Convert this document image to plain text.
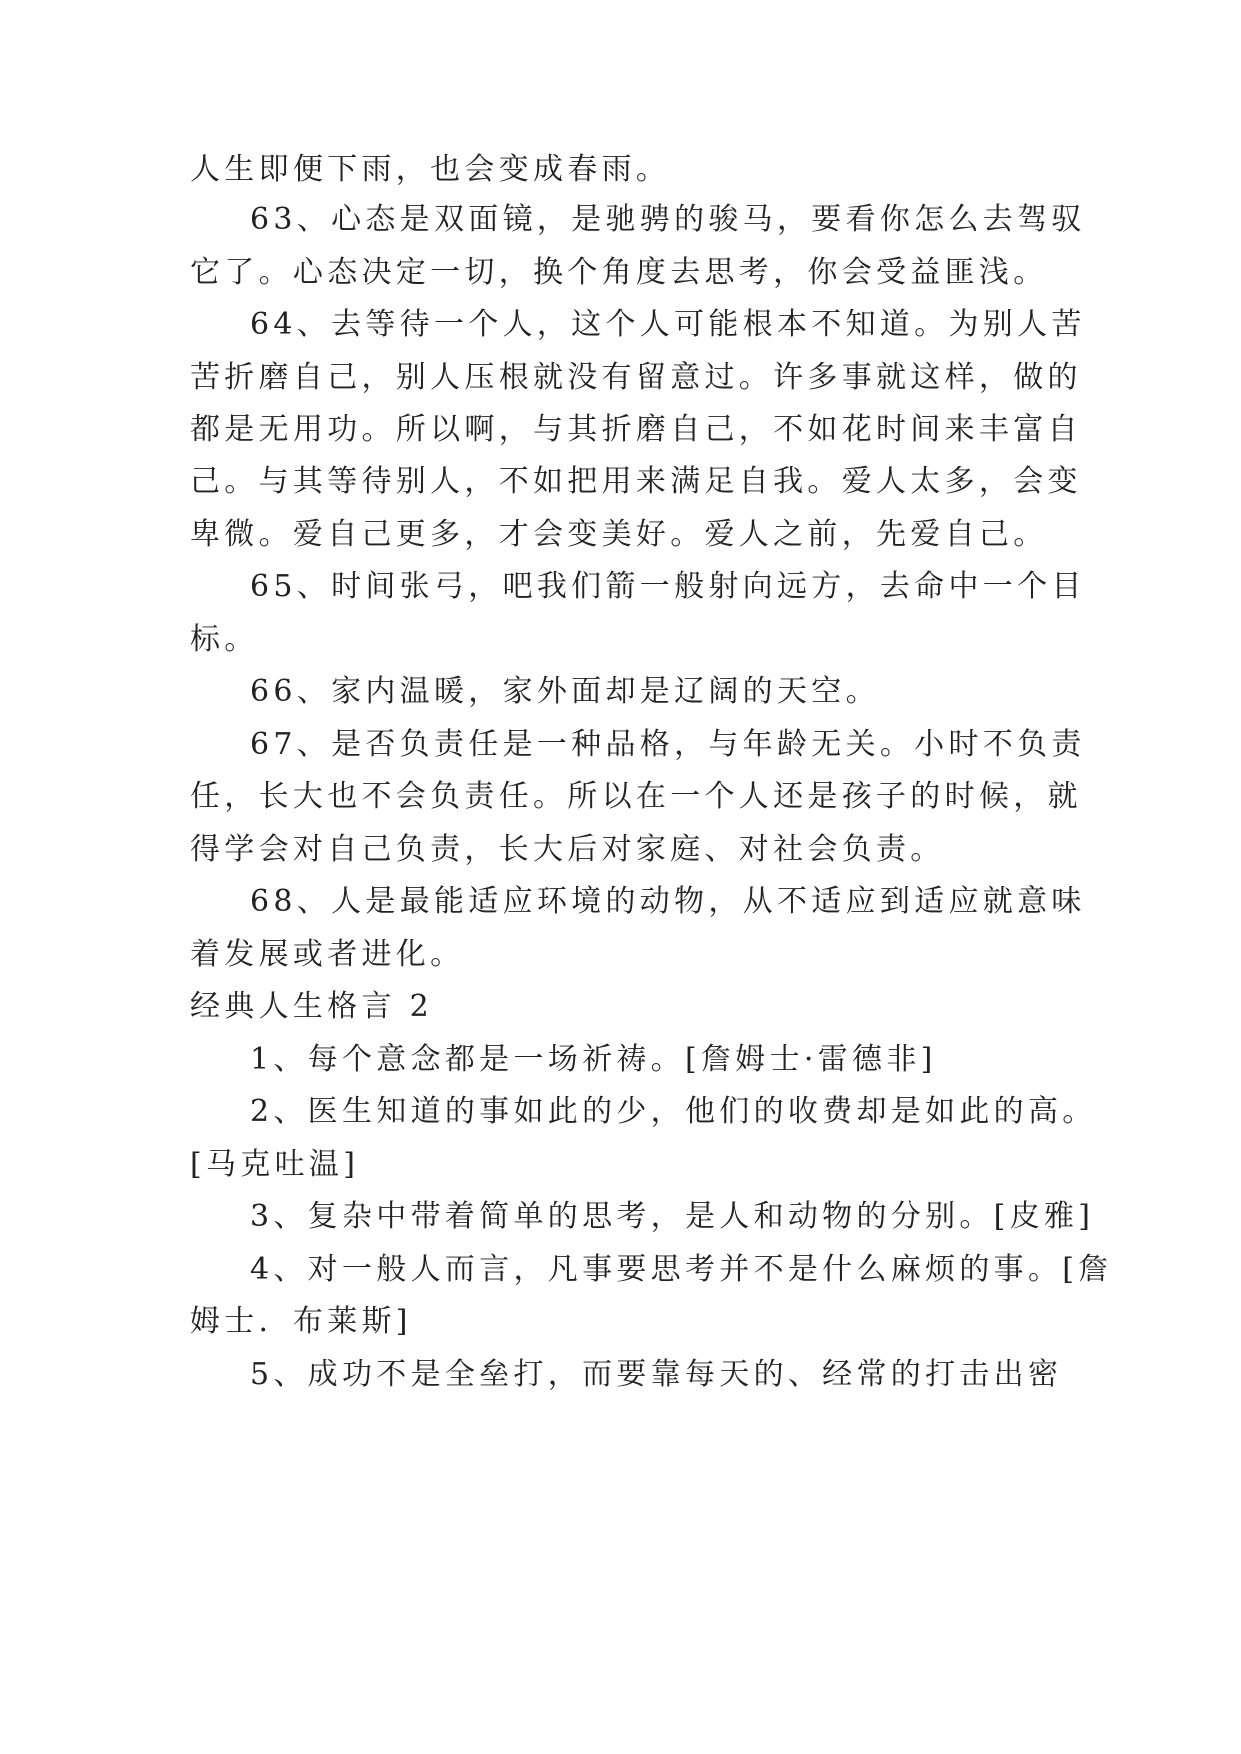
人生即便下雨，也会变成春雨。
63、心态是双面镜，是驰骋的骏马，要看你怎么去驾驭
它了。心态决定一切，换个角度去思考，你会受益匪浅。
64、去等待一个人，这个人可能根本不知道。为别人苦
苦折磨自己，别人压根就没有留意过。许多事就这样，做的
都是无用功。所以啊，与其折磨自己，不如花时间来丰富自
己。与其等待别人，不如把用来满足自我。爱人太多，会变
卑微。爱自己更多，才会变美好。爱人之前，先爱自己。
65、时间张弓，吧我们箭一般射向远方，去命中一个目
标。
66、家内温暖，家外面却是辽阔的天空。
67、是否负责任是一种品格，与年龄无关。小时不负责
任，长大也不会负责任。所以在一个人还是孩子的时候，就
得学会对自己负责，长大后对家庭、对社会负责。
68、人是最能适应环境的动物，从不适应到适应就意味
着发展或者进化。
经典人生格言 2
1、每个意念都是一场祈祷。[詹姆士·雷德非]
2、医生知道的事如此的少，他们的收费却是如此的高。
[马克吐温]
3、复杂中带着简单的思考，是人和动物的分别。[皮雅]
4、对一般人而言，凡事要思考并不是什么麻烦的事。[詹
姆士．布莱斯]
5、成功不是全垒打，而要靠每天的、经常的打击出密
